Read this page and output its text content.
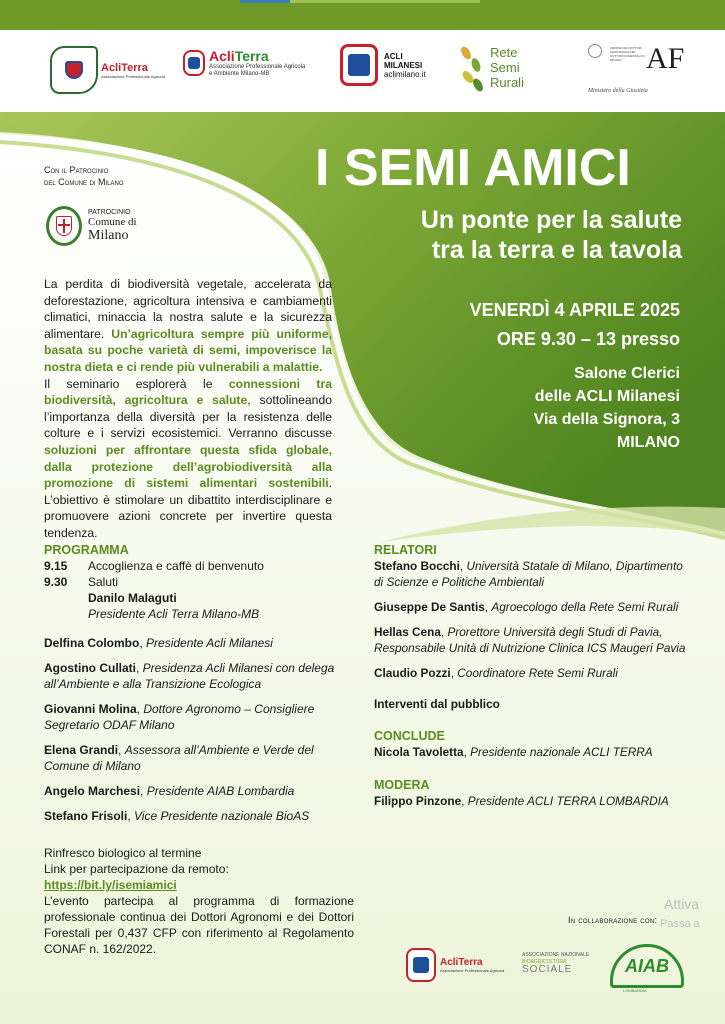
AcliTerra
Associazione Professionale Agricola
AcliTerra
Associazione Professionale Agricola
e Ambiente Milano-MB
ACLI
MILANESI
aclimilano.it
Rete
Semi
Rurali
ORDINE DEI DOTTORI AGRONOMI E DEI DOTTORI FORESTALI DI MILANO AF
Ministero della Giustizia
Con il Patrocinio
del Comune di Milano
PATROCINIO
Comune di
Milano
I SEMI AMICI
Un ponte per la salute
tra la terra e la tavola
VENERDÌ 4 APRILE 2025
ORE 9.30 – 13 presso
Salone Clerici
delle ACLI Milanesi
Via della Signora, 3
MILANO
La perdita di biodiversità vegetale, accelerata da deforestazione, agricoltura intensiva e cambiamenti climatici, minaccia la nostra salute e la sicurezza alimentare. Un’agricoltura sempre più uniforme, basata su poche varietà di semi, impoverisce la nostra dieta e ci rende più vulnerabili a malattie.
Il seminario esplorerà le connessioni tra biodiversità, agricoltura e salute, sottolineando l’importanza della diversità per la resistenza delle colture e i servizi ecosistemici. Verranno discusse soluzioni per affrontare questa sfida globale, dalla protezione dell’agrobiodiversità alla promozione di sistemi alimentari sostenibili. L’obiettivo è stimolare un dibattito interdisciplinare e promuovere azioni concrete per invertire questa tendenza.
PROGRAMMA
9.15	Accoglienza e caffè di benvenuto
9.30	Saluti
Danilo Malaguti
Presidente Acli Terra Milano-MB
Delfina Colombo, Presidente Acli Milanesi
Agostino Cullati, Presidenza Acli Milanesi con delega all’Ambiente e alla Transizione Ecologica
Giovanni Molina, Dottore Agronomo – Consigliere Segretario ODAF Milano
Elena Grandi, Assessora all’Ambiente e Verde del Comune di Milano
Angelo Marchesi, Presidente AIAB Lombardia
Stefano Frisoli, Vice Presidente nazionale BioAS
RELATORI
Stefano Bocchi, Università Statale di Milano, Dipartimento di Scienze e Politiche Ambientali
Giuseppe De Santis, Agroecologo della Rete Semi Rurali
Hellas Cena, Prorettore Università degli Studi di Pavia, Responsabile Unità di Nutrizione Clinica ICS Maugeri Pavia
Claudio Pozzi, Coordinatore Rete Semi Rurali
Interventi dal pubblico
CONCLUDE
Nicola Tavoletta, Presidente nazionale ACLI TERRA
MODERA
Filippo Pinzone, Presidente ACLI TERRA LOMBARDIA
Rinfresco biologico al termine
Link per partecipazione da remoto:
https://bit.ly/isemiamici
L’evento partecipa al programma di formazione professionale continua dei Dottori Agronomi e dei Dottori Forestali per 0,437 CFP con riferimento al Regolamento CONAF n. 162/2022.
In collaborazione con:
AcliTerra
Associazione Professionale Agricola
ASSOCIAZIONE NAZIONALE
BIOAGRICOLTURA
SOCIALE	AIAB
LOMBARDIA
Attiva
Passa a
